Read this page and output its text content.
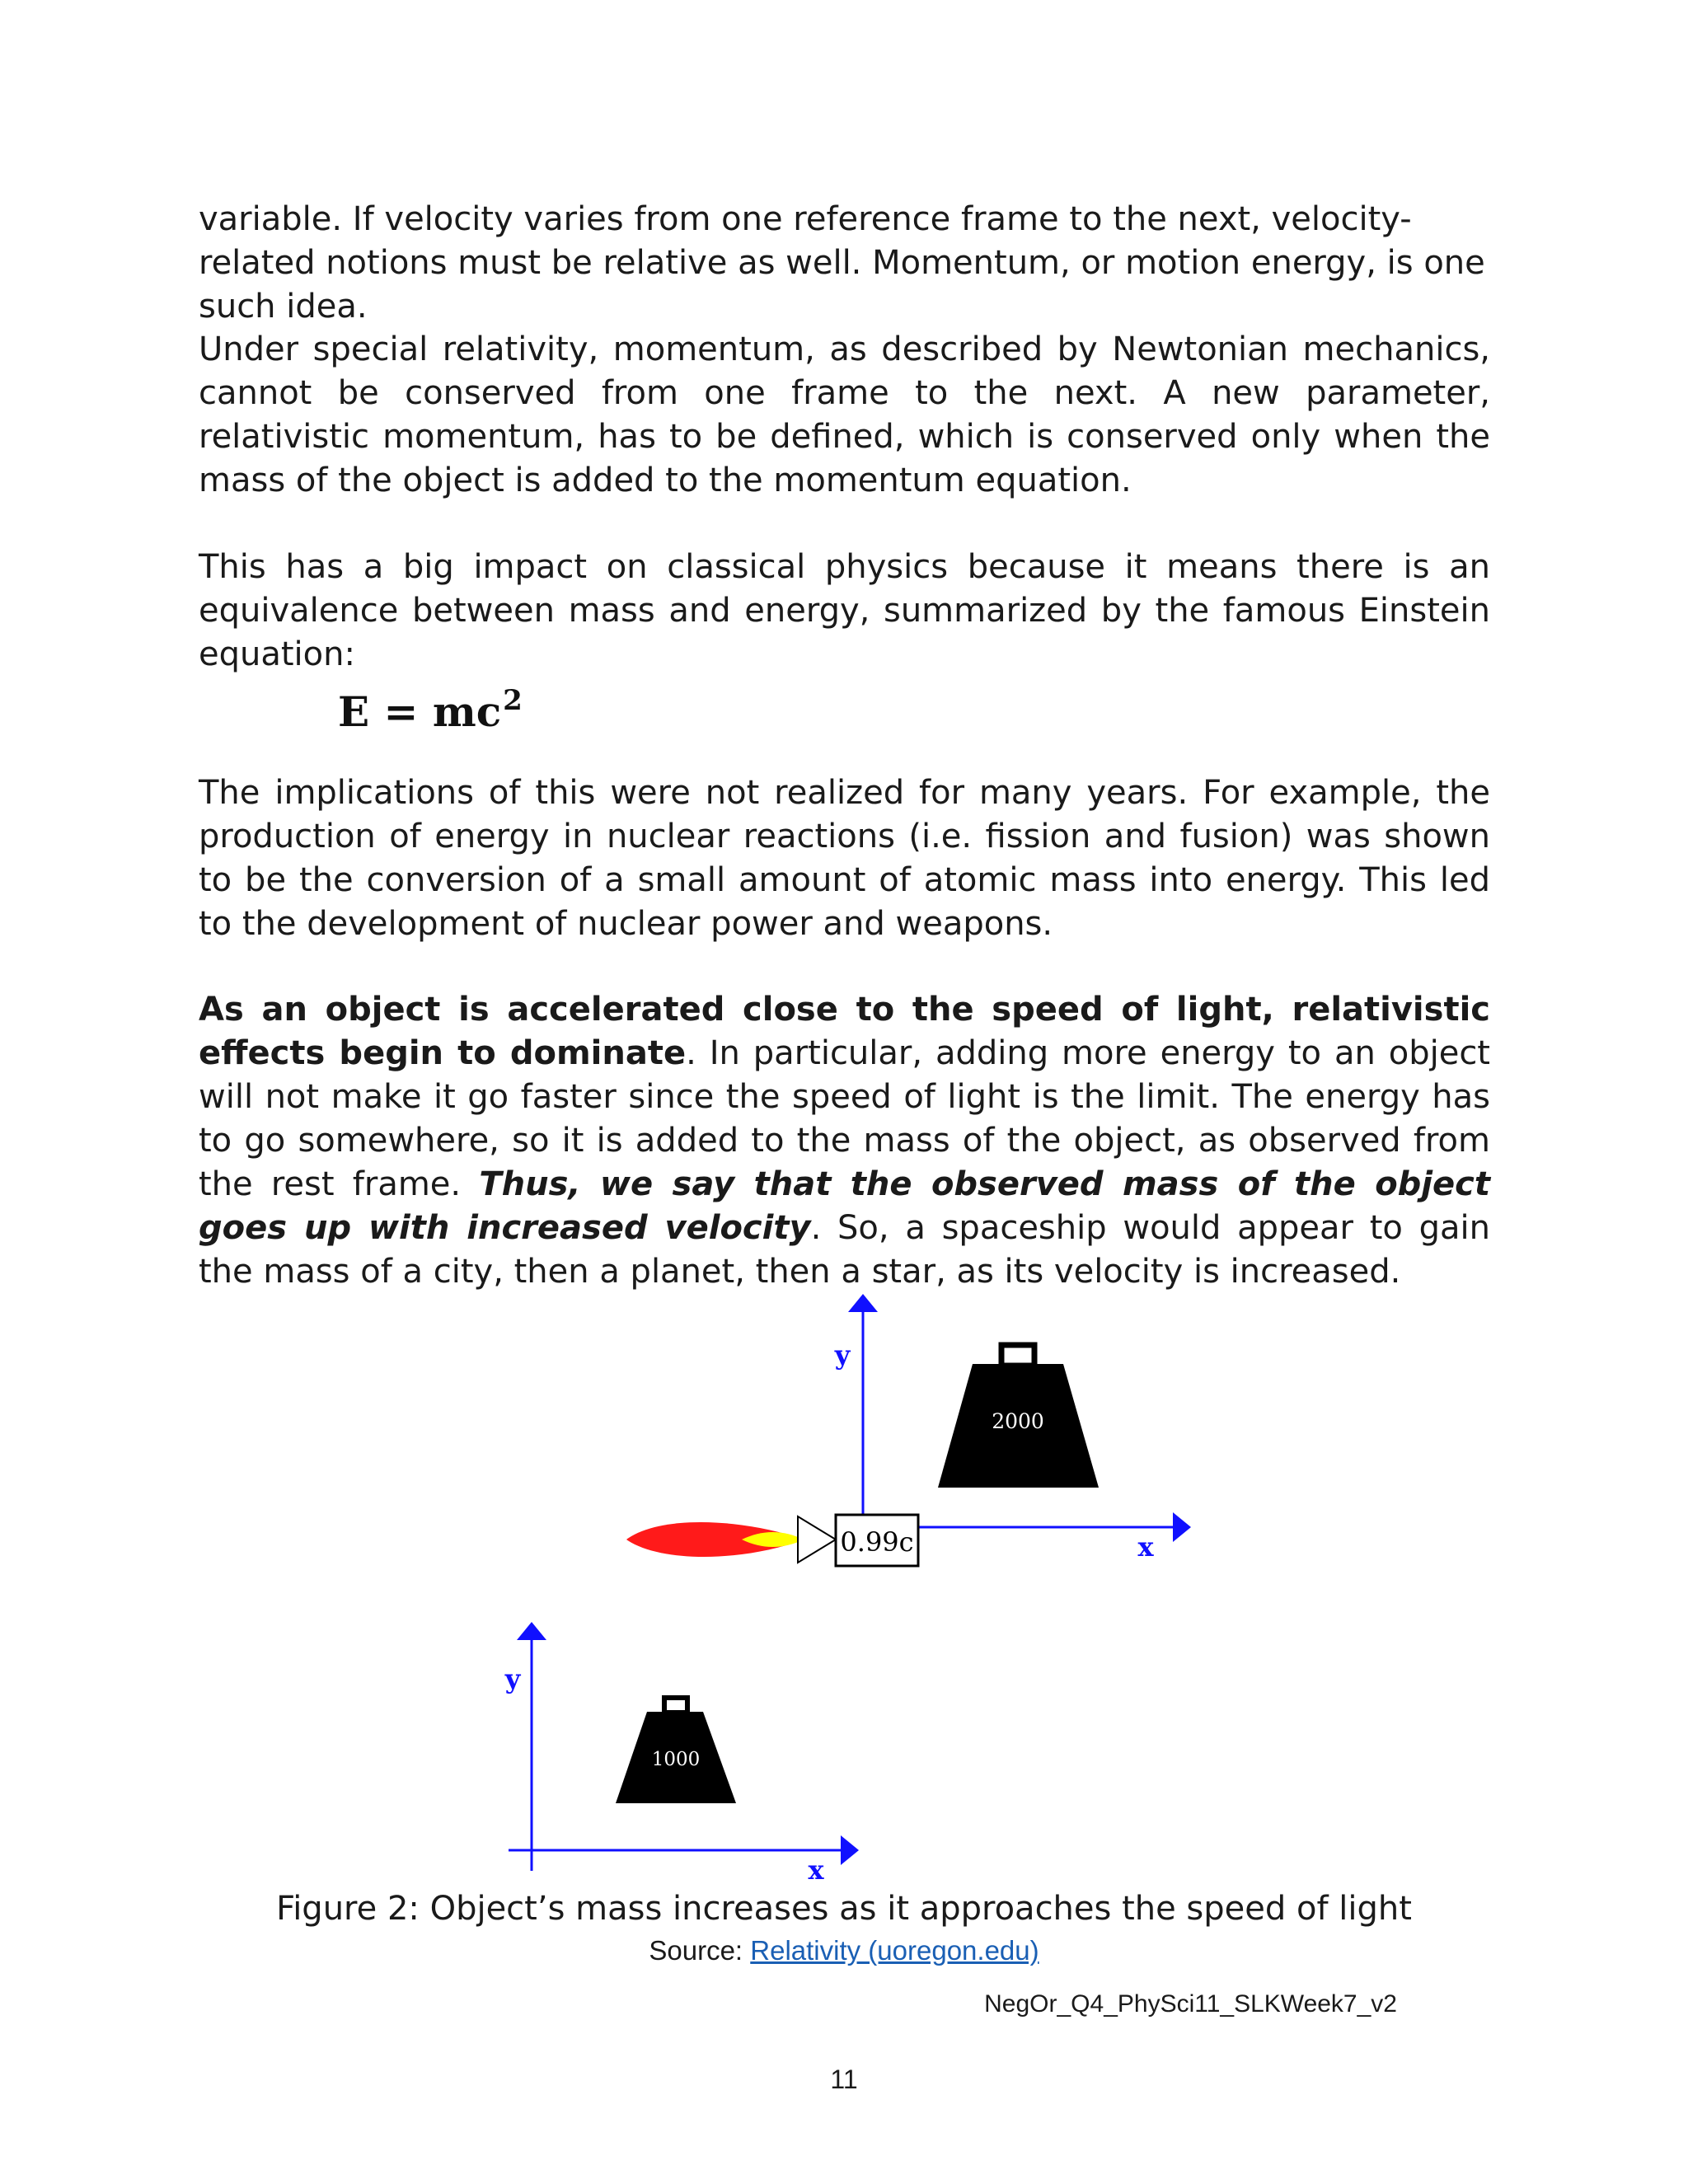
variable. If velocity varies from one reference frame to the next, velocity-related notions must be relative as well. Momentum, or motion energy, is one such idea.

Under special relativity, momentum, as described by Newtonian mechanics, cannot be conserved from one frame to the next. A new parameter, relativistic momentum, has to be defined, which is conserved only when the mass of the object is added to the momentum equation.

This has a big impact on classical physics because it means there is an equivalence between mass and energy, summarized by the famous Einstein equation:

$E = mc^2$

The implications of this were not realized for many years. For example, the production of energy in nuclear reactions (i.e. fission and fusion) was shown to be the conversion of a small amount of atomic mass into energy. This led to the development of nuclear power and weapons.

As an object is accelerated close to the speed of light, relativistic effects begin to dominate. In particular, adding more energy to an object will not make it go faster since the speed of light is the limit. The energy has to go somewhere, so it is added to the mass of the object, as observed from the rest frame. Thus, we say that the observed mass of the object goes up with increased velocity. So, a spaceship would appear to gain the mass of a city, then a planet, then a star, as its velocity is increased.

y
x
2000
0.99c
y
x
1000
Figure 2: Object’s mass increases as it approaches the speed of light
Source: Relativity (uoregon.edu)
NegOr_Q4_PhySci11_SLKWeek7_v2
11
